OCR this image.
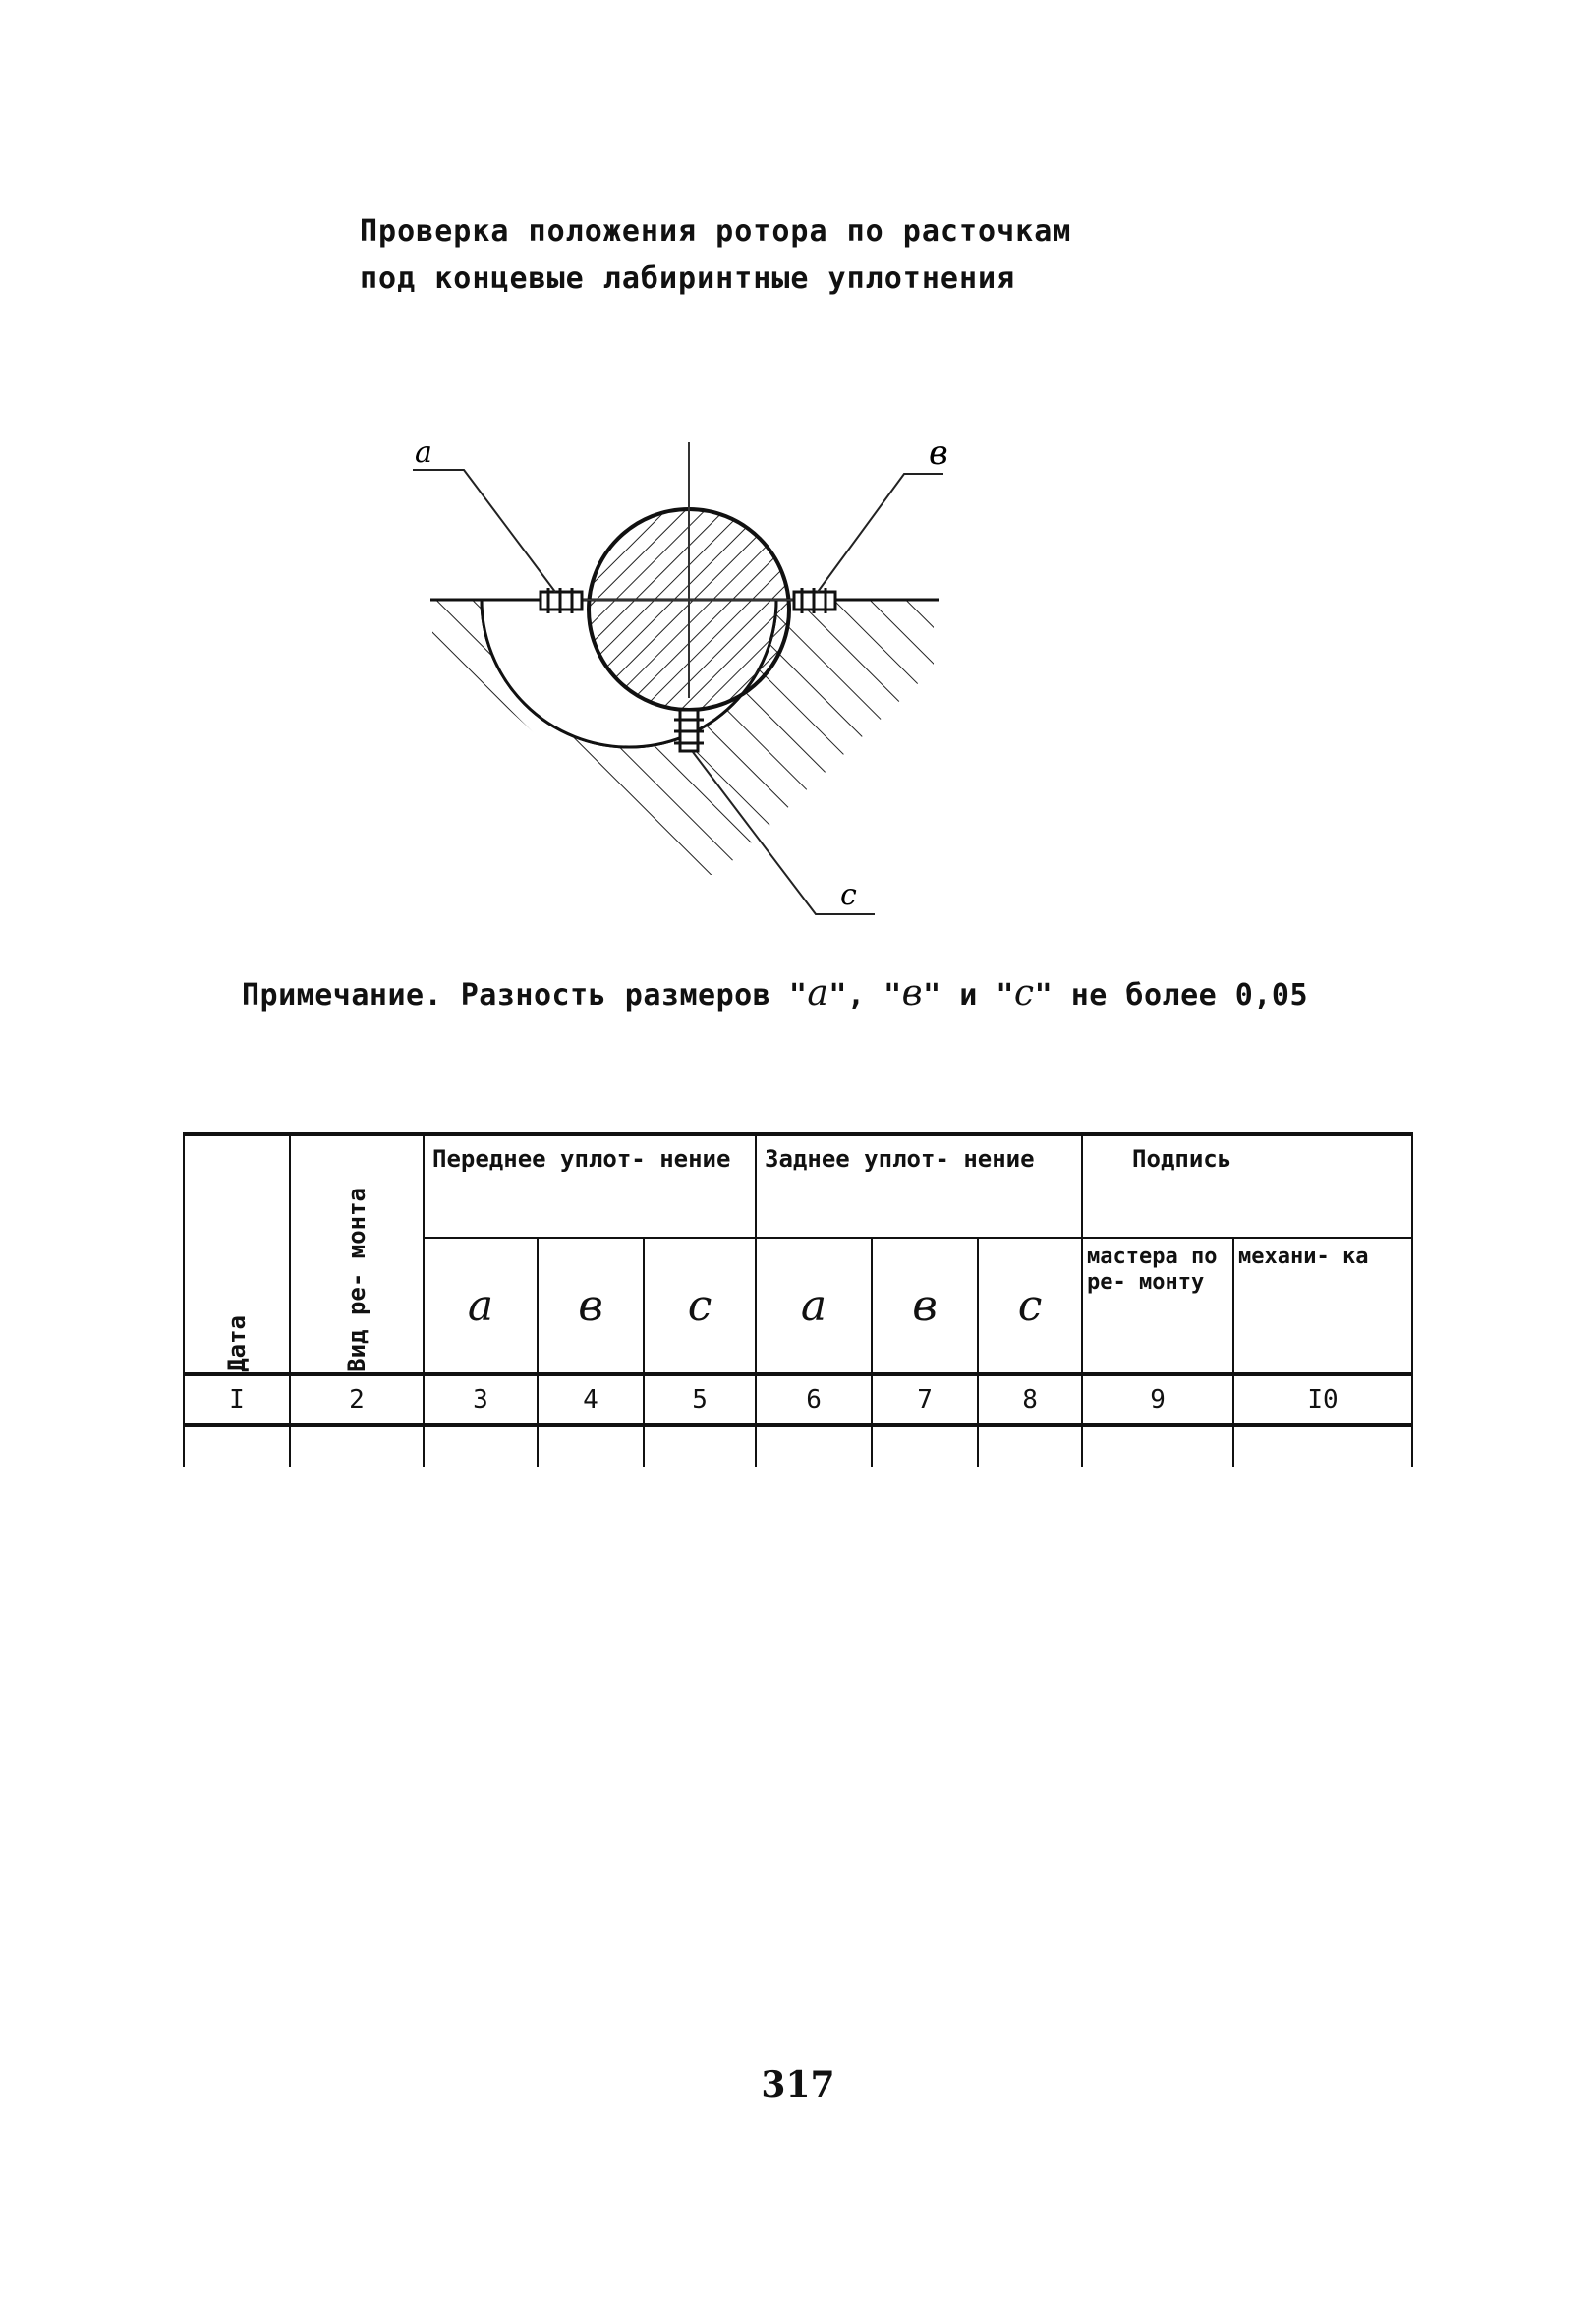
Проверка положения ротора по расточкам
под концевые лабиринтные уплотнения
a	в
c
Примечание. Разность размеров "a", "в" и "c" не более 0,05
Дата	Вид ре- монта	Переднее уплот- нение			Заднее уплот- нение			Подпись	
		a	в	c	a	в	c	мастера по ре- монту	механи- ка
I	2	3	4	5	6	7	8	9	I0

317
